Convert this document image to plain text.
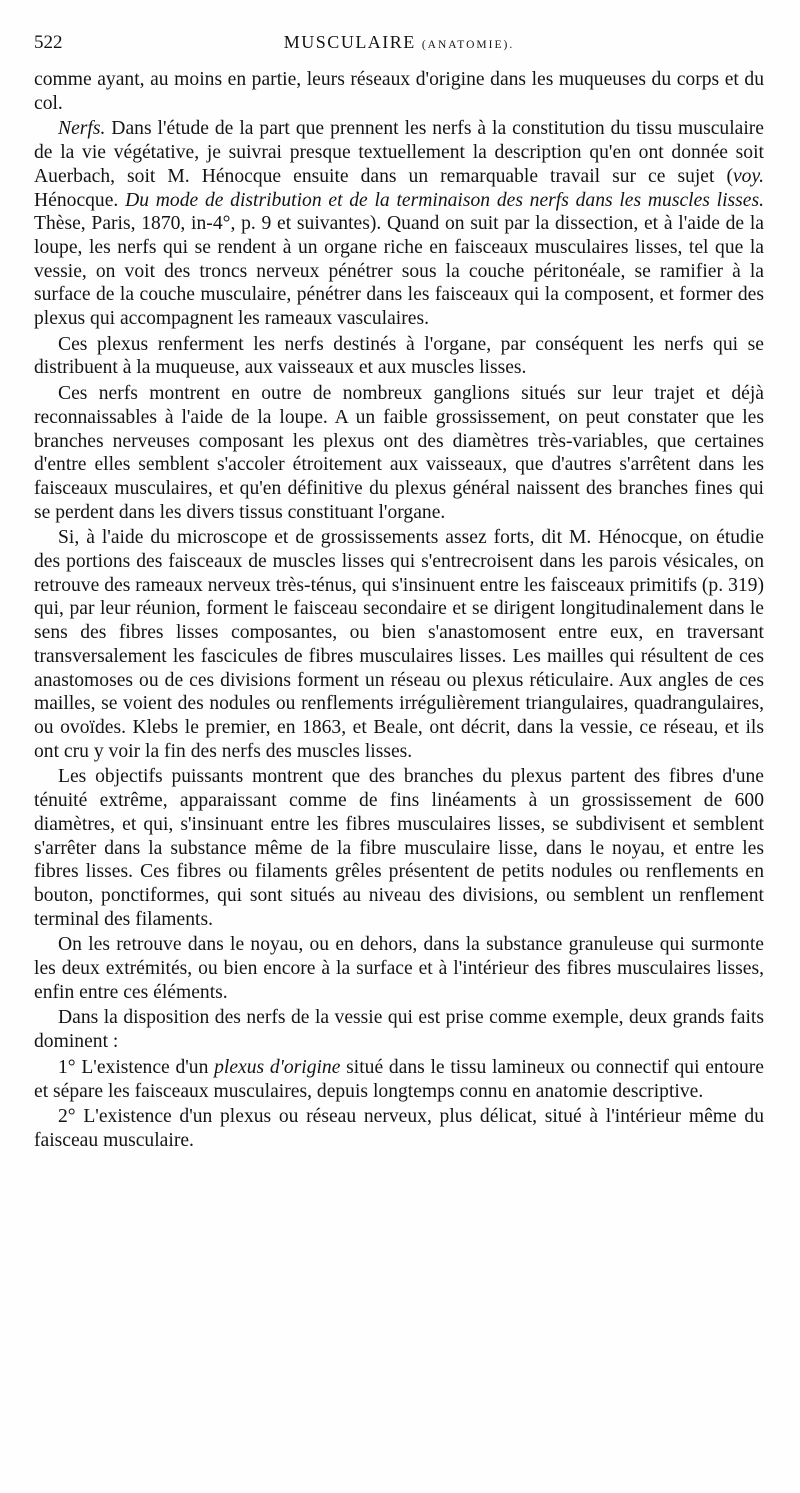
522	MUSCULAIRE (ANATOMIE).

comme ayant, au moins en partie, leurs réseaux d'origine dans les muqueuses du corps et du col.

Nerfs. Dans l'étude de la part que prennent les nerfs à la constitution du tissu musculaire de la vie végétative, je suivrai presque textuellement la description qu'en ont donnée soit Auerbach, soit M. Hénocque ensuite dans un remarquable travail sur ce sujet (voy. Hénocque. Du mode de distribution et de la terminaison des nerfs dans les muscles lisses. Thèse, Paris, 1870, in-4°, p. 9 et suivantes). Quand on suit par la dissection, et à l'aide de la loupe, les nerfs qui se rendent à un organe riche en faisceaux musculaires lisses, tel que la vessie, on voit des troncs nerveux pénétrer sous la couche péritonéale, se ramifier à la surface de la couche musculaire, pénétrer dans les faisceaux qui la composent, et former des plexus qui accompagnent les rameaux vasculaires.

Ces plexus renferment les nerfs destinés à l'organe, par conséquent les nerfs qui se distribuent à la muqueuse, aux vaisseaux et aux muscles lisses.

Ces nerfs montrent en outre de nombreux ganglions situés sur leur trajet et déjà reconnaissables à l'aide de la loupe. A un faible grossissement, on peut constater que les branches nerveuses composant les plexus ont des diamètres très-variables, que certaines d'entre elles semblent s'accoler étroitement aux vaisseaux, que d'autres s'arrêtent dans les faisceaux musculaires, et qu'en définitive du plexus général naissent des branches fines qui se perdent dans les divers tissus constituant l'organe.

Si, à l'aide du microscope et de grossissements assez forts, dit M. Hénocque, on étudie des portions des faisceaux de muscles lisses qui s'entrecroisent dans les parois vésicales, on retrouve des rameaux nerveux très-ténus, qui s'insinuent entre les faisceaux primitifs (p. 319) qui, par leur réunion, forment le faisceau secondaire et se dirigent longitudinalement dans le sens des fibres lisses composantes, ou bien s'anastomosent entre eux, en traversant transversalement les fascicules de fibres musculaires lisses. Les mailles qui résultent de ces anastomoses ou de ces divisions forment un réseau ou plexus réticulaire. Aux angles de ces mailles, se voient des nodules ou renflements irrégulièrement triangulaires, quadrangulaires, ou ovoïdes. Klebs le premier, en 1863, et Beale, ont décrit, dans la vessie, ce réseau, et ils ont cru y voir la fin des nerfs des muscles lisses.

Les objectifs puissants montrent que des branches du plexus partent des fibres d'une ténuité extrême, apparaissant comme de fins linéaments à un grossissement de 600 diamètres, et qui, s'insinuant entre les fibres musculaires lisses, se subdivisent et semblent s'arrêter dans la substance même de la fibre musculaire lisse, dans le noyau, et entre les fibres lisses. Ces fibres ou filaments grêles présentent de petits nodules ou renflements en bouton, ponctiformes, qui sont situés au niveau des divisions, ou semblent un renflement terminal des filaments.

On les retrouve dans le noyau, ou en dehors, dans la substance granuleuse qui surmonte les deux extrémités, ou bien encore à la surface et à l'intérieur des fibres musculaires lisses, enfin entre ces éléments.

Dans la disposition des nerfs de la vessie qui est prise comme exemple, deux grands faits dominent :

1° L'existence d'un plexus d'origine situé dans le tissu lamineux ou connectif qui entoure et sépare les faisceaux musculaires, depuis longtemps connu en anatomie descriptive.

2° L'existence d'un plexus ou réseau nerveux, plus délicat, situé à l'intérieur même du faisceau musculaire.
